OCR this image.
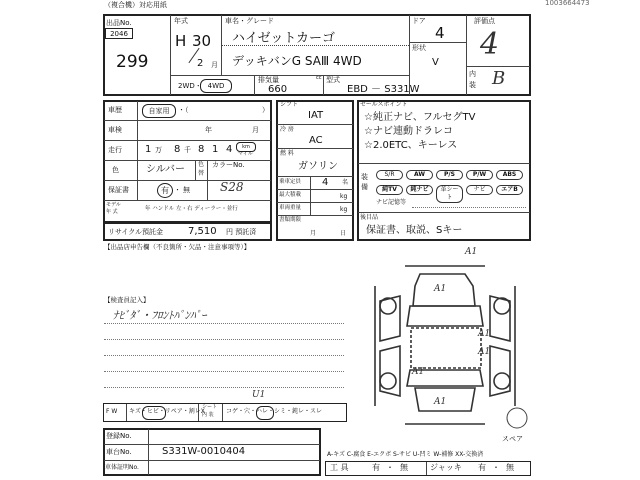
（複合機）対応用紙	1003664473
出品No.
2046
299
年式
H 30
2 月
車名・グレード
ハイゼットカーゴ
デッキバンG SAⅢ 4WD
ドア
4
形状
V
評価点
4
内
装 B
2WD・ 4WD
排気量	cc
660
型式
EBD － S331W
車歴	自家用	・（	）
車検	年	月
走行 1 万 8 千 8 1 4	km
マイル
色	シルバー 色
替
カラーNo.
S28
保証書	有 ・ 無
モデル
年 式	年 ハンドル 左・右 ディーラー・並行
リサイクル預託金 7,510 円 預託済
【出品店申告欄（不良箇所・欠品・注意事項等）】
シフト
IAT
冷 房
AC
燃 料
ガソリン
乗車定員 4 名
最大積載	kg
車両重量	kg
書類期限
月	日
セールスポイント
☆純正ナビ、フルセグTV
☆ナビ連動ドラレコ
☆2.0ETC、キーレス
装備
S/R	AW	P/S	P/W	ABS
純TV	純ナビ	革シート
ナビ	エアB
ナビ記憶等
後目品
保証書、取説、Sキー
【検査員記入】
ﾅﾋﾞﾀﾞ・ﾌﾛﾝﾄﾊﾟﾝﾊﾟｰ
F W キズ・ヒビ・リペア・割レX
シート
内 装 コゲ・穴・ハレ・シミ・鈍レ・スレ
U1
A1
A1
A1
A1
A1
A1
スペア
登録No.
車台No.	S331W-0010404
車体証明No.
A-キズ C-腐食 E-エクボ S-サビ U-凹ミ W-補修 XX-交換済
工 具	有 ・ 無	ジャッキ 有 ・ 無
